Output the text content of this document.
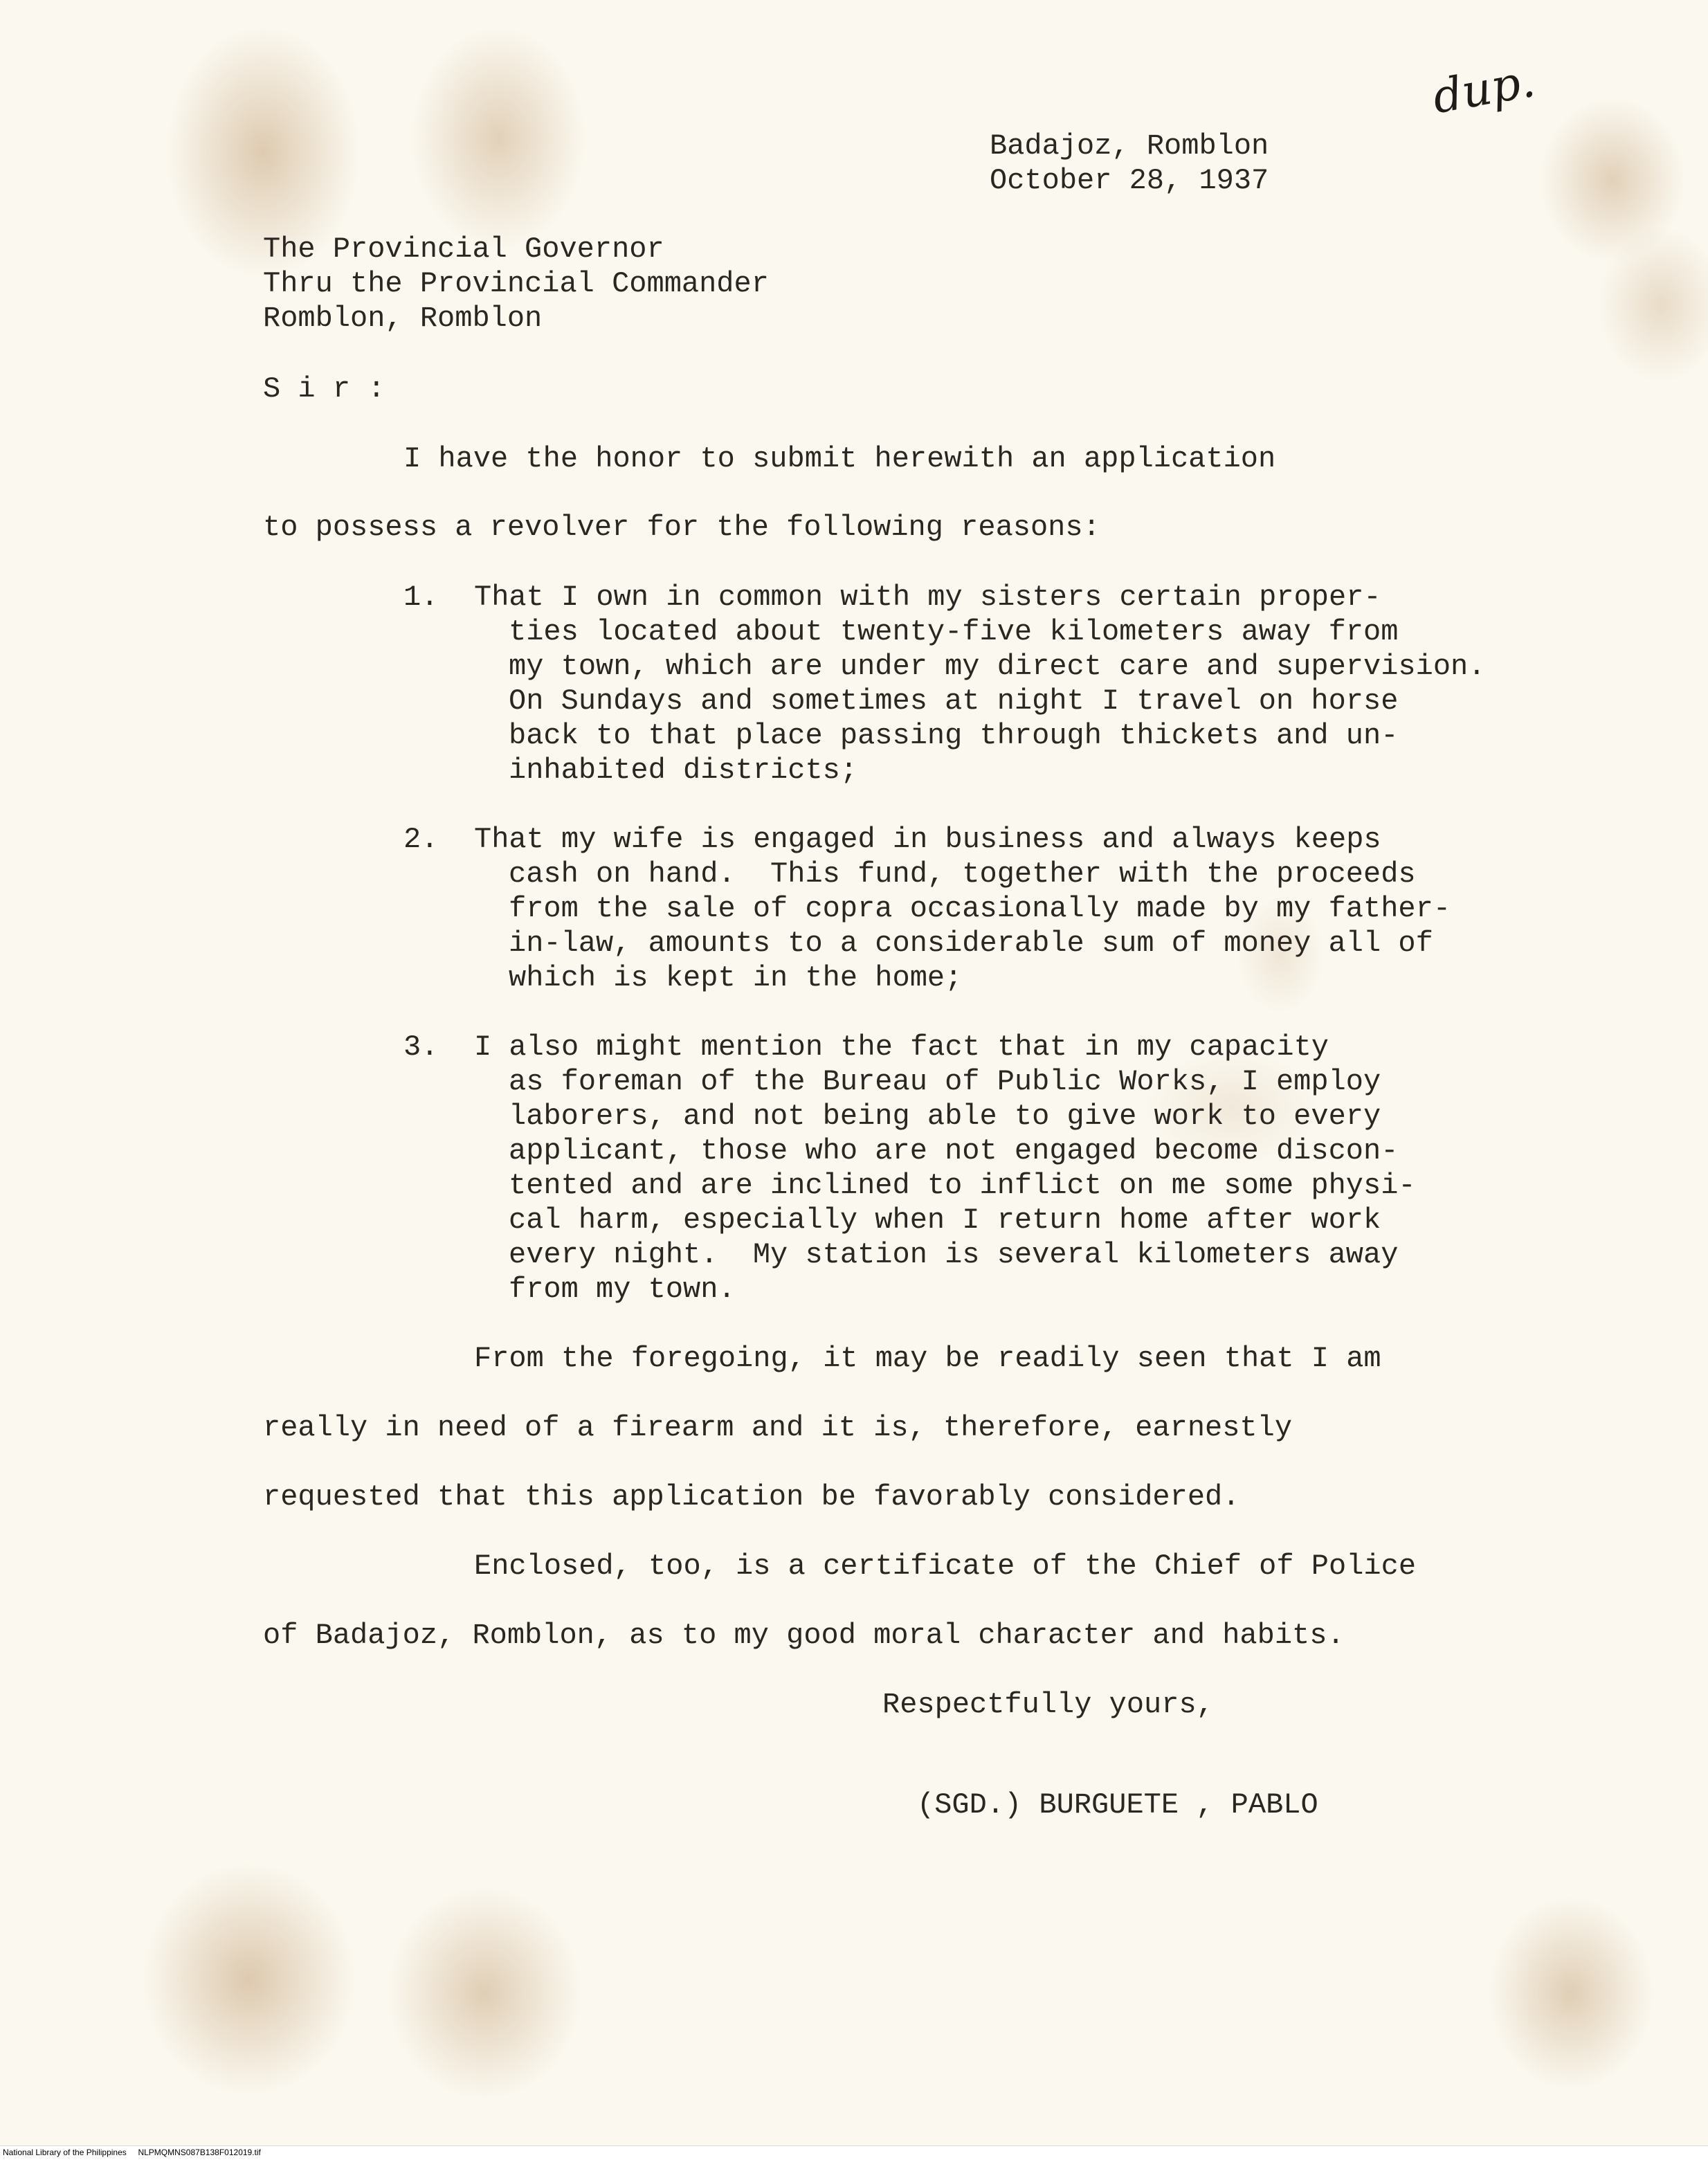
dup.

Badajoz, Romblon

October 28, 1937

The Provincial Governor

Thru the Provincial Commander

Romblon, Romblon

S i r :

I have the honor to submit herewith an application

to possess a revolver for the following reasons:

1. That I own in common with my sisters certain proper-

ties located about twenty-five kilometers away from

my town, which are under my direct care and supervision.

On Sundays and sometimes at night I travel on horse

back to that place passing through thickets and un-

inhabited districts;

2. That my wife is engaged in business and always keeps

cash on hand.  This fund, together with the proceeds

from the sale of copra occasionally made by my father-

in-law, amounts to a considerable sum of money all of

which is kept in the home;

3. I also might mention the fact that in my capacity

as foreman of the Bureau of Public Works, I employ

laborers, and not being able to give work to every

applicant, those who are not engaged become discon-

tented and are inclined to inflict on me some physi-

cal harm, especially when I return home after work

every night.  My station is several kilometers away

from my town.

From the foregoing, it may be readily seen that I am

really in need of a firearm and it is, therefore, earnestly

requested that this application be favorably considered.

Enclosed, too, is a certificate of the Chief of Police

of Badajoz, Romblon, as to my good moral character and habits.

Respectfully yours,

(SGD.) BURGUETE , PABLO

National Library of the Philippines NLPMQMNS087B138F012019.tif
